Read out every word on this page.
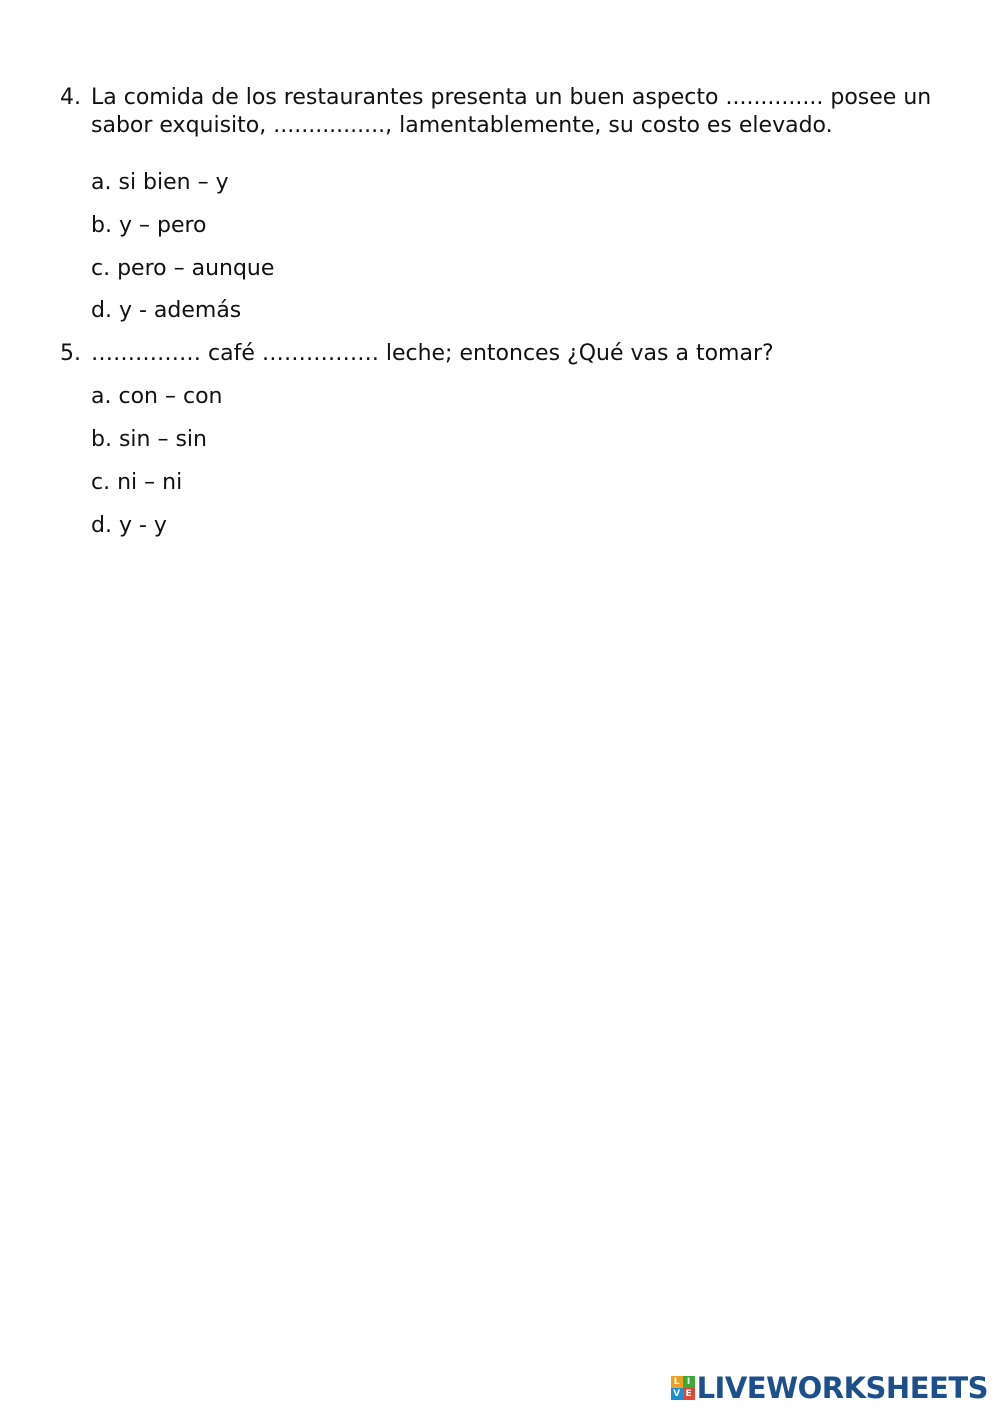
4. La comida de los restaurantes presenta un buen aspecto .............. posee un sabor exquisito, ................, lamentablemente, su costo es elevado.
a. si bien – y
b. y – pero
c. pero – aunque
d. y - además
5. …………… café ……………. leche; entonces ¿Qué vas a tomar?
a. con – con
b. sin – sin
c. ni – ni
d. y - y
L I
V E LIVEWORKSHEETS
